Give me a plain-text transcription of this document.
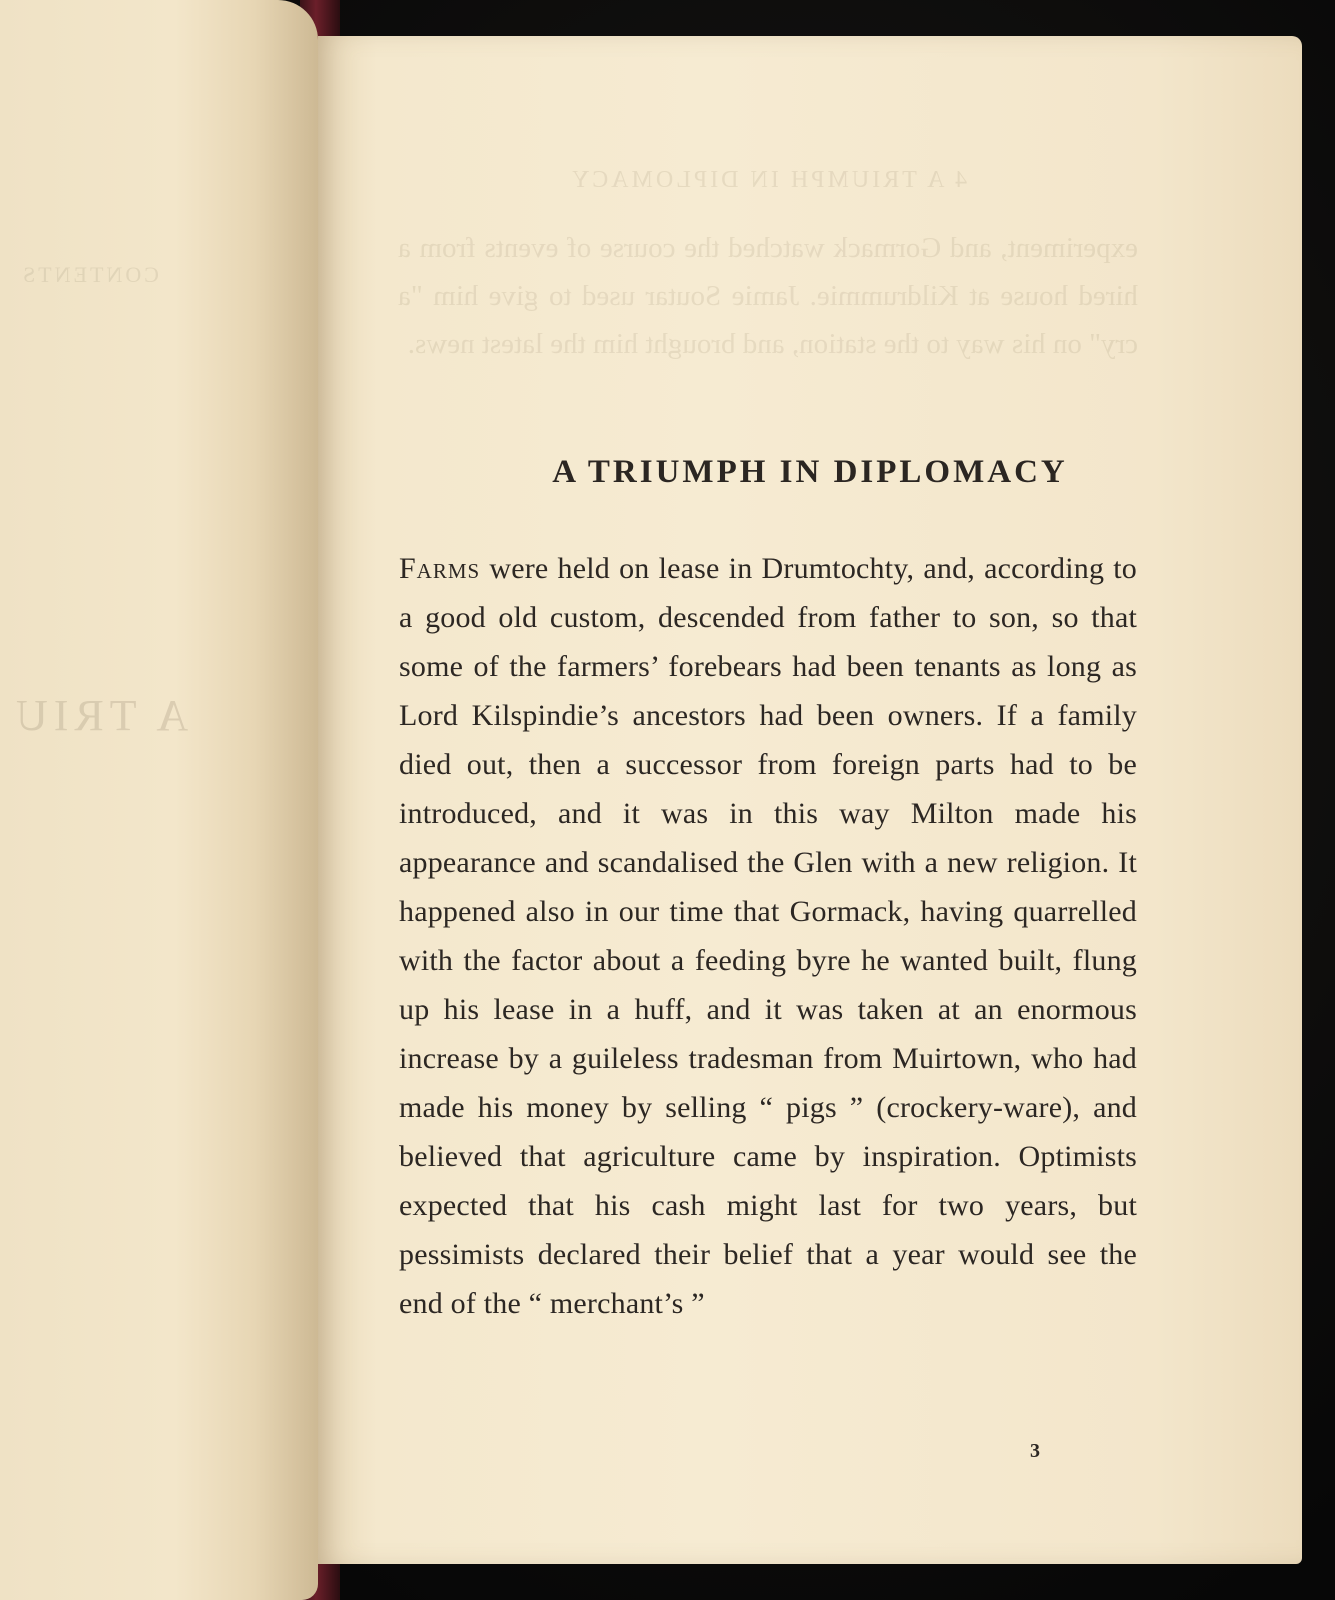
CONTENTS
A TRIU
4 A TRIUMPH IN DIPLOMACY
experiment, and Gormack watched the course of events from a hired house at Kildrummie. Jamie Soutar used to give him "a cry" on his way to the station, and brought him the latest news.
A TRIUMPH IN DIPLOMACY

Farms were held on lease in Drumtochty, and, according to a good old custom, descended from father to son, so that some of the farmers’ forebears had been tenants as long as Lord Kilspindie’s ancestors had been owners. If a family died out, then a successor from foreign parts had to be introduced, and it was in this way Milton made his appearance and scandalised the Glen with a new religion. It happened also in our time that Gormack, having quarrelled with the factor about a feeding byre he wanted built, flung up his lease in a huff, and it was taken at an enormous increase by a guileless tradesman from Muirtown, who had made his money by selling “ pigs ” (crockery-ware), and believed that agriculture came by inspiration. Optimists expected that his cash might last for two years, but pessimists declared their belief that a year would see the end of the “ merchant’s ”

3
